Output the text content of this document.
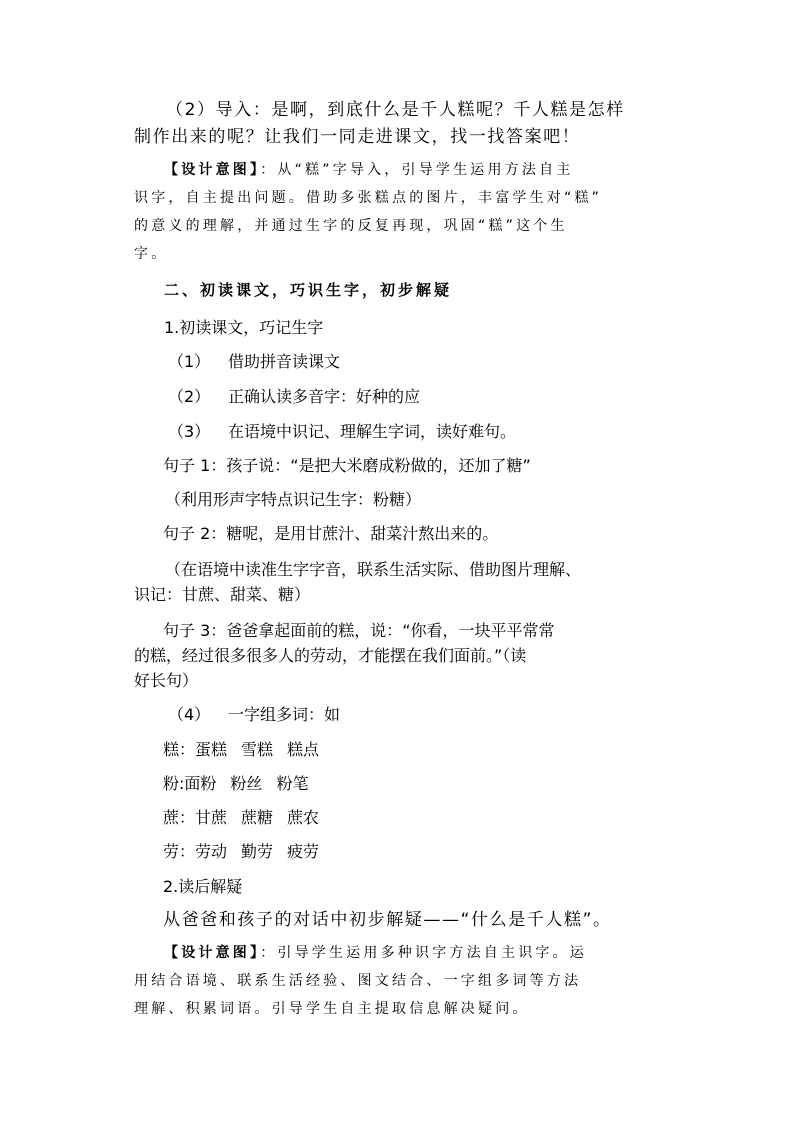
（2）导入：是啊，到底什么是千人糕呢？千人糕是怎样
制作出来的呢？让我们一同走进课文，找一找答案吧！
【设计意图】：从“糕”字导入，引导学生运用方法自主
识字，自主提出问题。借助多张糕点的图片，丰富学生对“糕”
的意义的理解，并通过生字的反复再现，巩固“糕”这个生
字。
二、初读课文，巧识生字，初步解疑
1.初读课文，巧记生字
（1） 借助拼音读课文
（2） 正确认读多音字：好种的应
（3） 在语境中识记、理解生字词，读好难句。
句子 1：孩子说：“是把大米磨成粉做的，还加了糖”
（利用形声字特点识记生字：粉糖）
句子 2：糖呢，是用甘蔗汁、甜菜汁熬出来的。
（在语境中读准生字字音，联系生活实际、借助图片理解、
识记：甘蔗、甜菜、糖）
句子 3：爸爸拿起面前的糕，说：“你看，一块平平常常
的糕，经过很多很多人的劳动，才能摆在我们面前。”（读
好长句）
（4） 一字组多词：如
糕：蛋糕 雪糕 糕点
粉:面粉 粉丝 粉笔
蔗：甘蔗 蔗糖 蔗农
劳：劳动 勤劳 疲劳
2.读后解疑
从爸爸和孩子的对话中初步解疑——“什么是千人糕”。
【设计意图】：引导学生运用多种识字方法自主识字。运
用结合语境、联系生活经验、图文结合、一字组多词等方法
理解、积累词语。引导学生自主提取信息解决疑问。
